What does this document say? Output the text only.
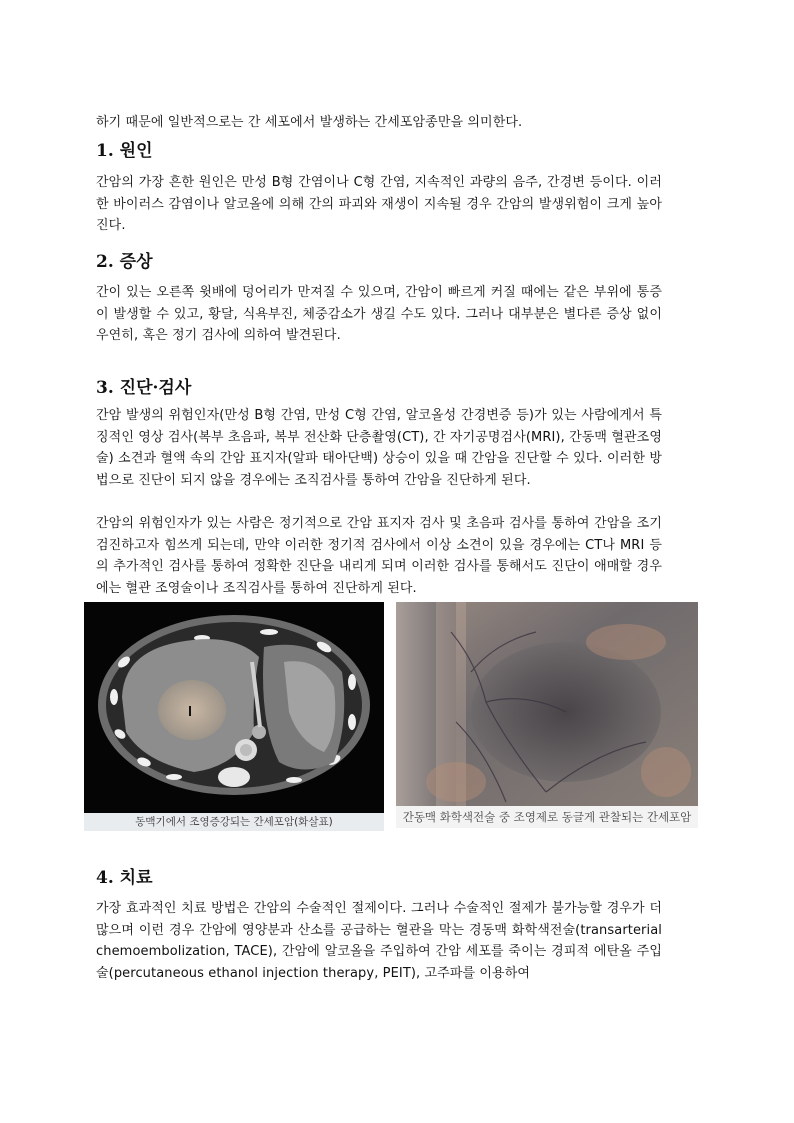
하기 때문에 일반적으로는 간 세포에서 발생하는 간세포암종만을 의미한다.

1. 원인

간암의 가장 흔한 원인은 만성 B형 간염이나 C형 간염, 지속적인 과량의 음주, 간경변 등이다. 이러한 바이러스 감염이나 알코올에 의해 간의 파괴와 재생이 지속될 경우 간암의 발생위험이 크게 높아진다.

2. 증상

간이 있는 오른쪽 윗배에 덩어리가 만져질 수 있으며, 간암이 빠르게 커질 때에는 같은 부위에 통증이 발생할 수 있고, 황달, 식욕부진, 체중감소가 생길 수도 있다. 그러나 대부분은 별다른 증상 없이 우연히, 혹은 정기 검사에 의하여 발견된다.

3. 진단·검사

간암 발생의 위험인자(만성 B형 간염, 만성 C형 간염, 알코올성 간경변증 등)가 있는 사람에게서 특징적인 영상 검사(복부 초음파, 복부 전산화 단층촬영(CT), 간 자기공명검사(MRI), 간동맥 혈관조영술) 소견과 혈액 속의 간암 표지자(알파 태아단백) 상승이 있을 때 간암을 진단할 수 있다. 이러한 방법으로 진단이 되지 않을 경우에는 조직검사를 통하여 간암을 진단하게 된다.

간암의 위험인자가 있는 사람은 정기적으로 간암 표지자 검사 및 초음파 검사를 통하여 간암을 조기 검진하고자 힘쓰게 되는데, 만약 이러한 정기적 검사에서 이상 소견이 있을 경우에는 CT나 MRI 등의 추가적인 검사를 통하여 정확한 진단을 내리게 되며 이러한 검사를 통해서도 진단이 애매할 경우에는 혈관 조영술이나 조직검사를 통하여 진단하게 된다.

4. 치료

가장 효과적인 치료 방법은 간암의 수술적인 절제이다. 그러나 수술적인 절제가 불가능할 경우가 더 많으며 이런 경우 간암에 영양분과 산소를 공급하는 혈관을 막는 경동맥 화학색전술(transarterial chemoembolization, TACE), 간암에 알코올을 주입하여 간암 세포를 죽이는 경피적 에탄올 주입술(percutaneous ethanol injection therapy, PEIT), 고주파를 이용하여

동맥기에서 조영증강되는 간세포암(화살표)	간동맥 화학색전술 중 조영제로 동글게 관찰되는 간세포암
